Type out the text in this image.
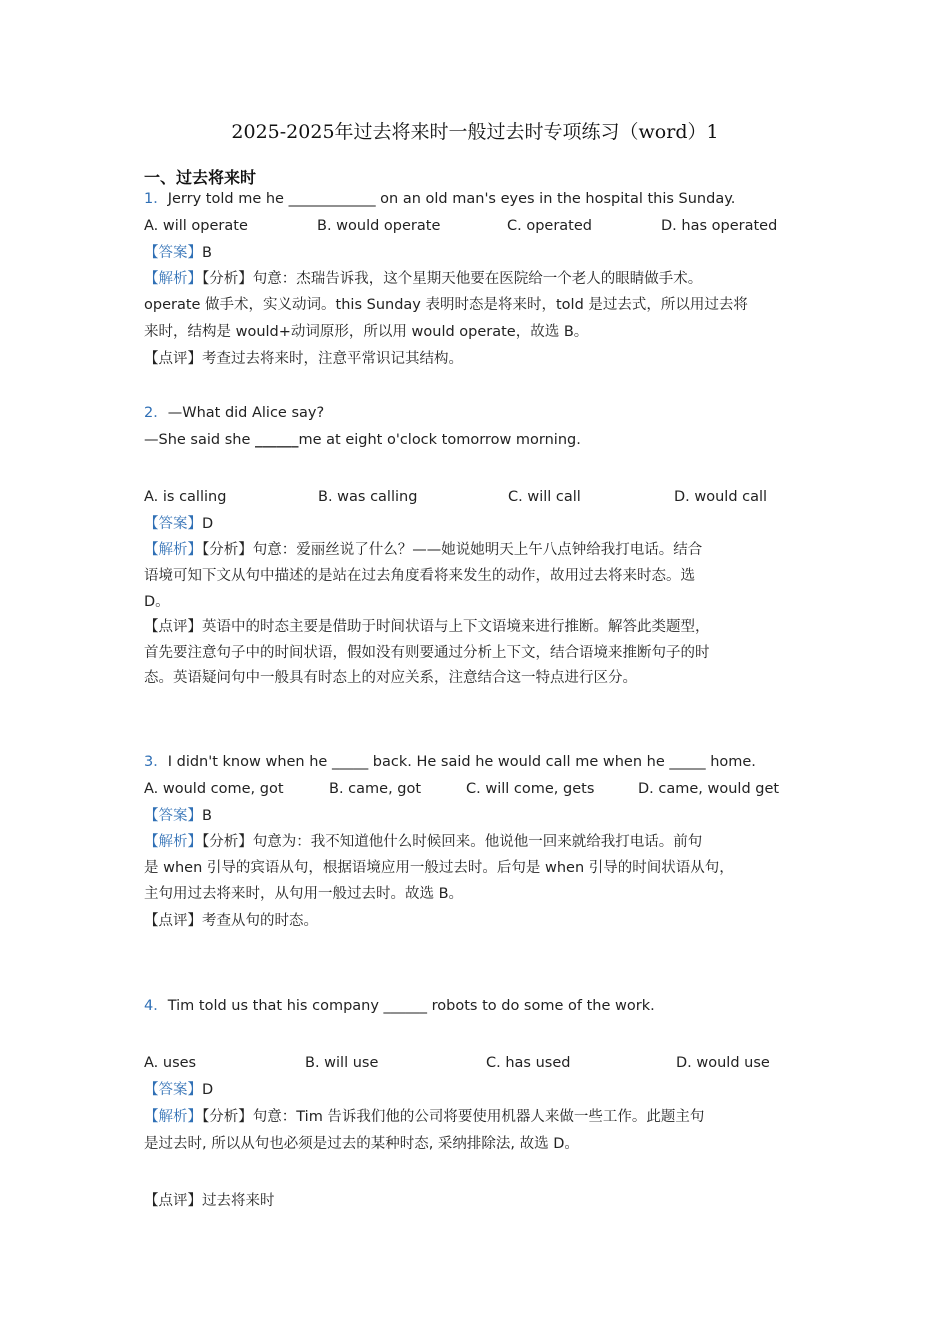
2025-2025年过去将来时一般过去时专项练习（word）1
一、过去将来时
1．Jerry told me he ____________ on an old man's eyes in the hospital this Sunday.
A. will operate	B. would operate	C. operated	D. has operated
【答案】B
【解析】【分析】句意：杰瑞告诉我，这个星期天他要在医院给一个老人的眼睛做手术。
operate 做手术，实义动词。this Sunday 表明时态是将来时，told 是过去式，所以用过去将
来时，结构是 would+动词原形，所以用 would operate，故选 B。
【点评】考查过去将来时，注意平常识记其结构。
2．—What did Alice say?
—She said she ______me at eight o'clock tomorrow morning.
A. is calling	B. was calling	C. will call	D. would call
【答案】D
【解析】【分析】句意：爱丽丝说了什么？——她说她明天上午八点钟给我打电话。结合
语境可知下文从句中描述的是站在过去角度看将来发生的动作，故用过去将来时态。选
D。
【点评】英语中的时态主要是借助于时间状语与上下文语境来进行推断。解答此类题型，
首先要注意句子中的时间状语，假如没有则要通过分析上下文，结合语境来推断句子的时
态。英语疑问句中一般具有时态上的对应关系，注意结合这一特点进行区分。
3．I didn't know when he _____ back. He said he would call me when he _____ home.
A. would come, got	B. came, got	C. will come, gets	D. came, would get
【答案】B
【解析】【分析】句意为：我不知道他什么时候回来。他说他一回来就给我打电话。前句
是 when 引导的宾语从句，根据语境应用一般过去时。后句是 when 引导的时间状语从句，
主句用过去将来时，从句用一般过去时。故选 B。
【点评】考查从句的时态。
4．Tim told us that his company ______ robots to do some of the work.
A. uses	B. will use	C. has used	D. would use
【答案】D
【解析】【分析】句意：Tim 告诉我们他的公司将要使用机器人来做一些工作。此题主句
是过去时, 所以从句也必须是过去的某种时态, 采纳排除法, 故选 D。
【点评】过去将来时
